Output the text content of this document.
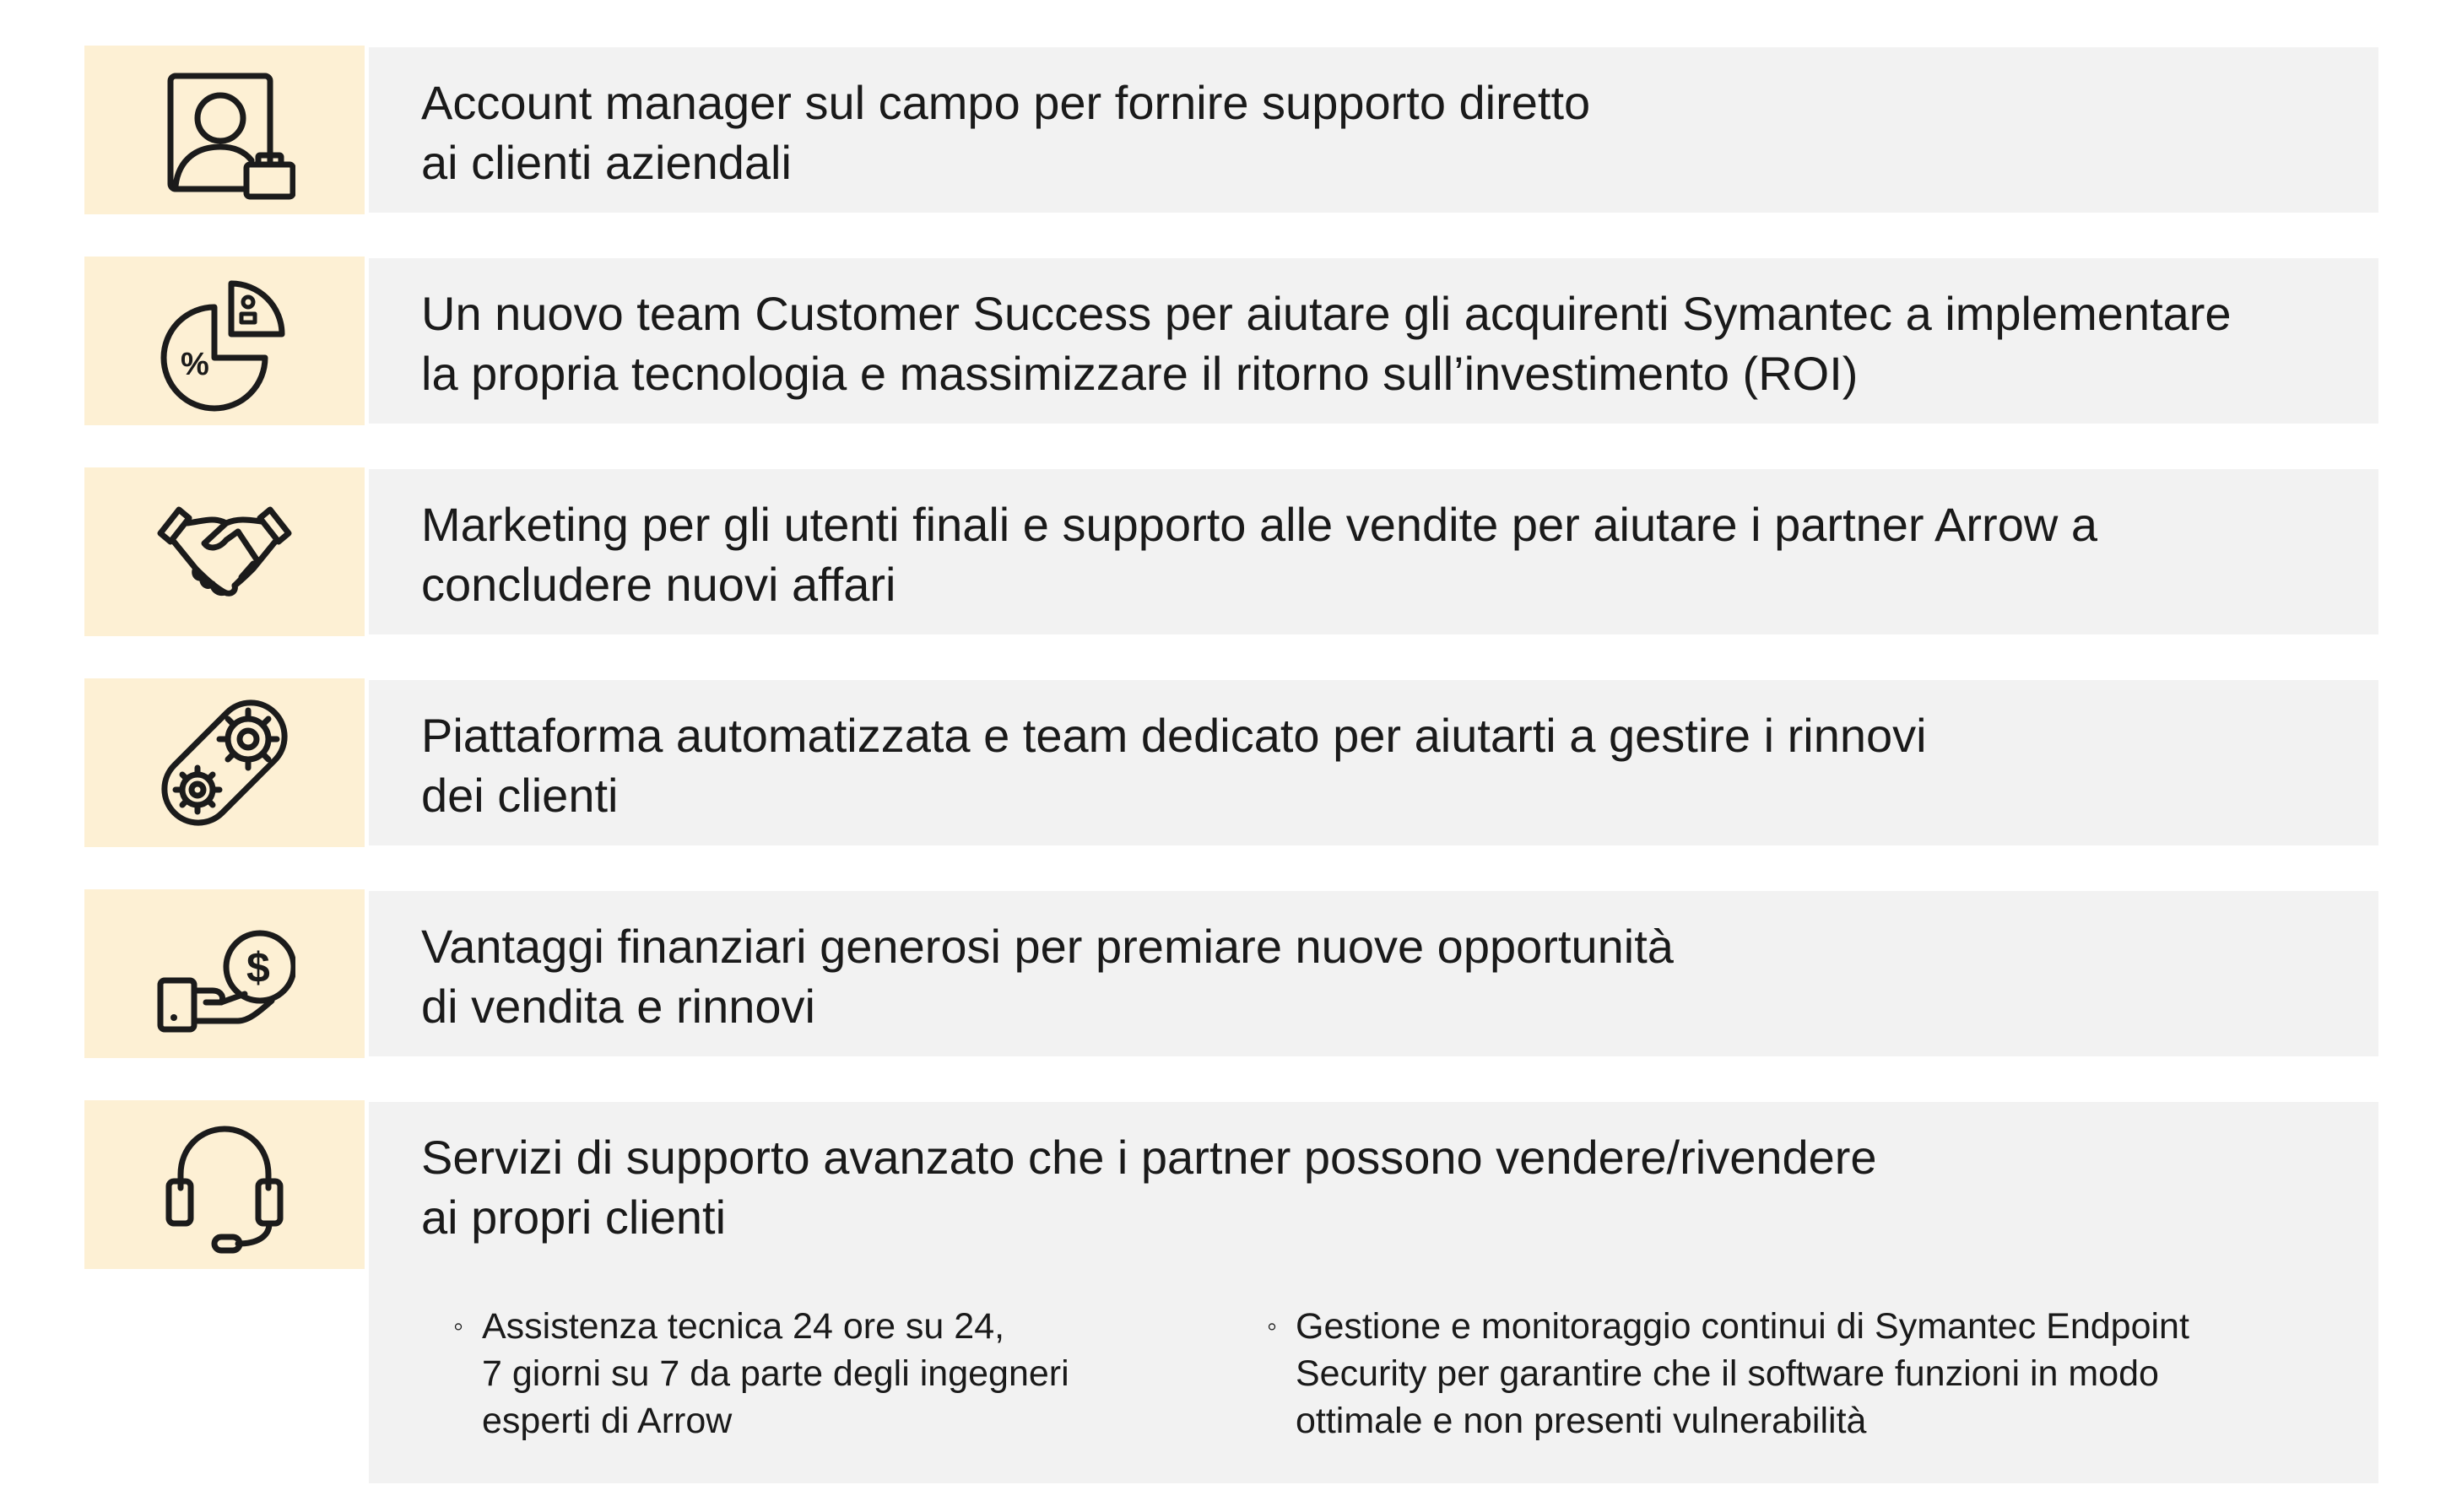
Account manager sul campo per fornire supporto diretto
ai clienti aziendali
%
Un nuovo team Customer Success per aiutare gli acquirenti Symantec a implementare
la propria tecnologia e massimizzare il ritorno sull’investimento (ROI)
Marketing per gli utenti finali e supporto alle vendite per aiutare i partner Arrow a
concludere nuovi affari
Piattaforma automatizzata e team dedicato per aiutarti a gestire i rinnovi
dei clienti
$	Vantaggi finanziari generosi per premiare nuove opportunità
di vendita e rinnovi
Servizi di supporto avanzato che i partner possono vendere/rivendere
ai propri clienti
◦ Assistenza tecnica 24 ore su 24,
7 giorni su 7 da parte degli ingegneri
esperti di Arrow
◦ Gestione e monitoraggio continui di Symantec Endpoint
Security per garantire che il software funzioni in modo
ottimale e non presenti vulnerabilità
